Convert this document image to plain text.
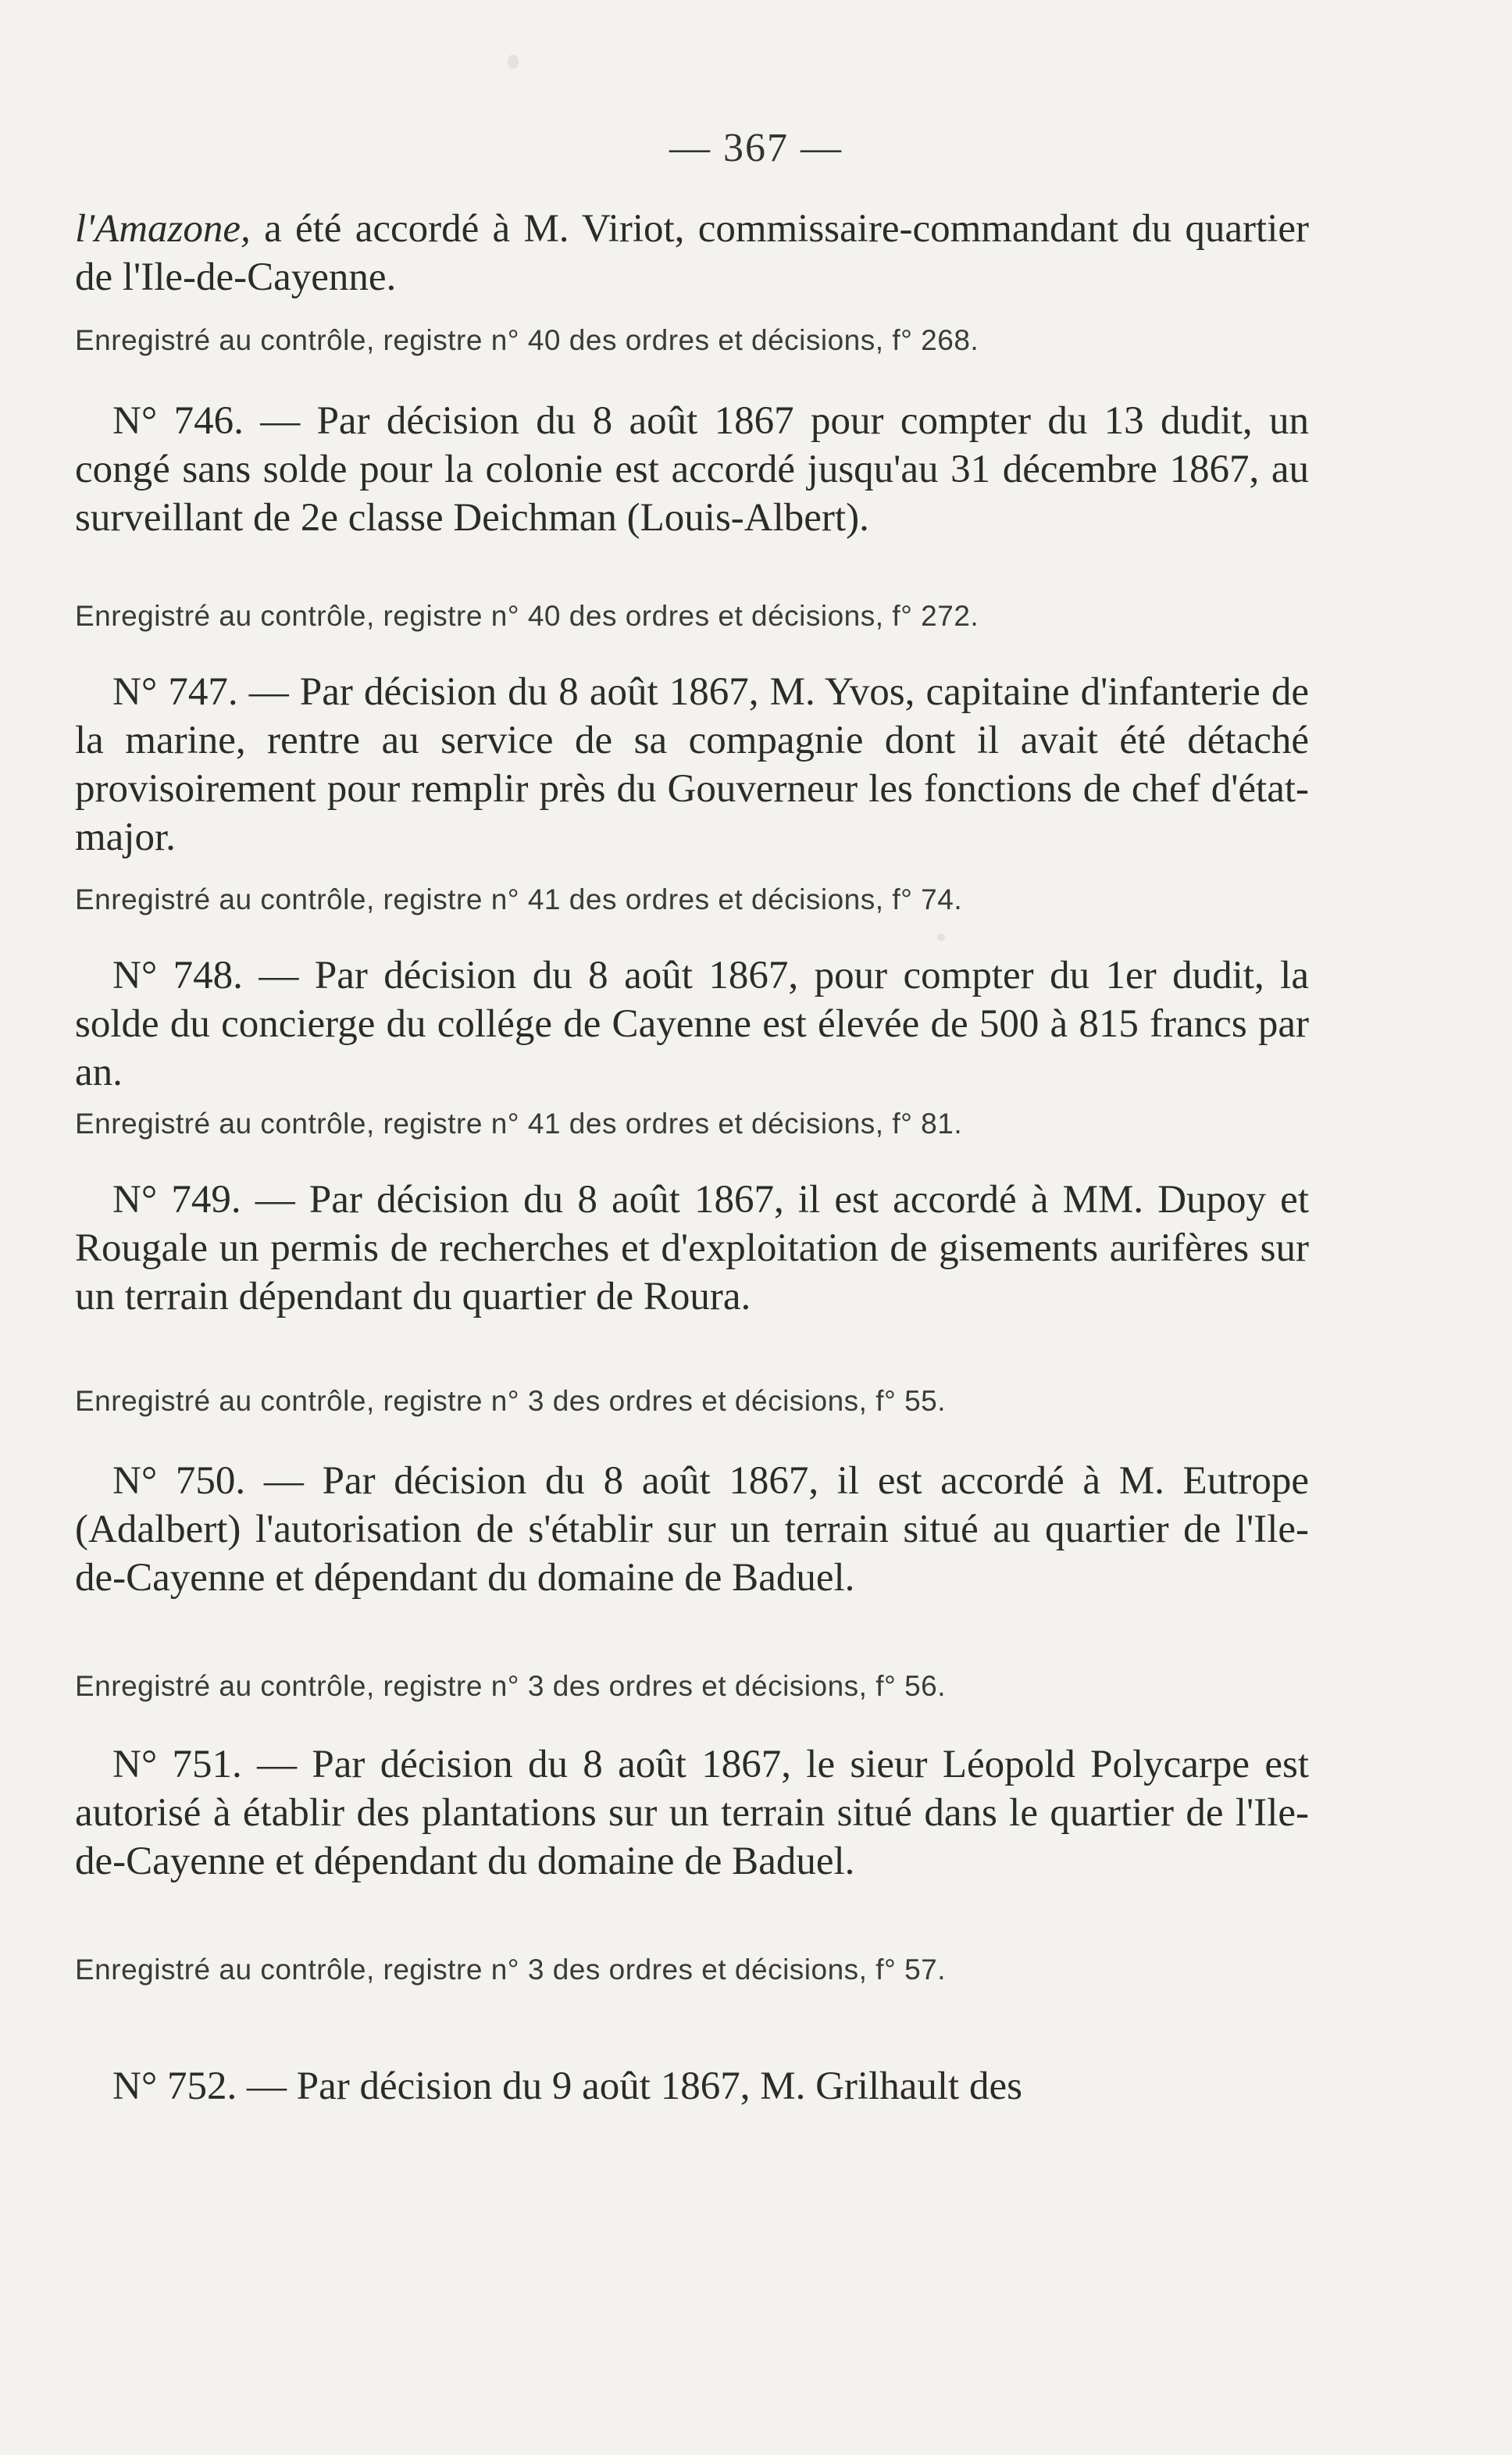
— 367 —

l'Amazone, a été accordé à M. Viriot, commissaire-commandant du quartier de l'Ile-de-Cayenne.

Enregistré au contrôle, registre n° 40 des ordres et décisions, f° 268.

N° 746. — Par décision du 8 août 1867 pour compter du 13 dudit, un congé sans solde pour la colonie est accordé jusqu'au 31 décembre 1867, au surveillant de 2e classe Deichman (Louis-Albert).

Enregistré au contrôle, registre n° 40 des ordres et décisions, f° 272.

N° 747. — Par décision du 8 août 1867, M. Yvos, capitaine d'infanterie de la marine, rentre au service de sa compagnie dont il avait été détaché provisoirement pour remplir près du Gouverneur les fonctions de chef d'état-major.

Enregistré au contrôle, registre n° 41 des ordres et décisions, f° 74.

N° 748. — Par décision du 8 août 1867, pour compter du 1er dudit, la solde du concierge du collége de Cayenne est élevée de 500 à 815 francs par an.

Enregistré au contrôle, registre n° 41 des ordres et décisions, f° 81.

N° 749. — Par décision du 8 août 1867, il est accordé à MM. Dupoy et Rougale un permis de recherches et d'exploitation de gisements aurifères sur un terrain dépendant du quartier de Roura.

Enregistré au contrôle, registre n° 3 des ordres et décisions, f° 55.

N° 750. — Par décision du 8 août 1867, il est accordé à M. Eutrope (Adalbert) l'autorisation de s'établir sur un terrain situé au quartier de l'Ile-de-Cayenne et dépendant du domaine de Baduel.

Enregistré au contrôle, registre n° 3 des ordres et décisions, f° 56.

N° 751. — Par décision du 8 août 1867, le sieur Léopold Polycarpe est autorisé à établir des plantations sur un terrain situé dans le quartier de l'Ile-de-Cayenne et dépendant du domaine de Baduel.

Enregistré au contrôle, registre n° 3 des ordres et décisions, f° 57.

N° 752. — Par décision du 9 août 1867, M. Grilhault des
